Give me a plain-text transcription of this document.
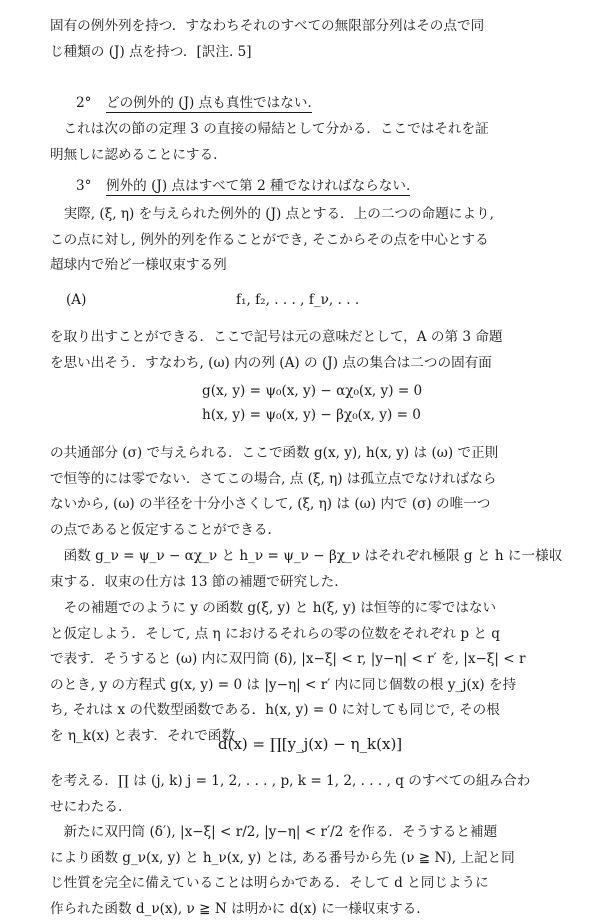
固有の例外列を持つ．すなわちそれのすべての無限部分列はその点で同
じ種類の (J) 点を持つ．[訳注. 5]
2° どの例外的 (J) 点も真性ではない.
　これは次の節の定理 3 の直接の帰結として分かる．ここではそれを証
明無しに認めることにする.
3° 例外的 (J) 点はすべて第 2 種でなければならない.
　実際, (ξ, η) を与えられた例外的 (J) 点とする．上の二つの命題により,
この点に対し, 例外的列を作ることができ, そこからその点を中心とする
超球内で殆ど一様収束する列
(A)	f₁, f₂, . . . , f_ν, . . .
を取り出すことができる．ここで記号は元の意味だとして，A の第 3 命題
を思い出そう．すなわち, (ω) 内の列 (A) の (J) 点の集合は二つの固有面
g(x, y) = ψ₀(x, y) − αχ₀(x, y) = 0
h(x, y) = ψ₀(x, y) − βχ₀(x, y) = 0
の共通部分 (σ) で与えられる．ここで函数 g(x, y), h(x, y) は (ω) で正則
で恒等的には零でない．さてこの場合, 点 (ξ, η) は孤立点でなければなら
ないから, (ω) の半径を十分小さくして, (ξ, η) は (ω) 内で (σ) の唯一つ
の点であると仮定することができる.
　函数 g_ν = ψ_ν − αχ_ν と h_ν = ψ_ν − βχ_ν はそれぞれ極限 g と h に一様収
束する．収束の仕方は 13 節の補題で研究した.
　その補題でのように y の函数 g(ξ, y) と h(ξ, y) は恒等的に零ではない
と仮定しよう．そして, 点 η におけるそれらの零の位数をそれぞれ p と q
で表す．そうすると (ω) 内に双円筒 (δ), |x−ξ| < r, |y−η| < r′ を, |x−ξ| < r
のとき, y の方程式 g(x, y) = 0 は |y−η| < r′ 内に同じ個数の根 y_j(x) を持
ち, それは x の代数型函数である．h(x, y) = 0 に対しても同じで, その根
を η_k(x) と表す．それで函数
d(x) = ∏[y_j(x) − η_k(x)]
を考える．∏ は (j, k) j = 1, 2, . . . , p, k = 1, 2, . . . , q のすべての組み合わ
せにわたる.
　新たに双円筒 (δ′), |x−ξ| < r/2, |y−η| < r′/2 を作る．そうすると補題
により函数 g_ν(x, y) と h_ν(x, y) とは, ある番号から先 (ν ≧ N), 上記と同
じ性質を完全に備えていることは明らかである．そして d と同じように
作られた函数 d_ν(x), ν ≧ N は明かに d(x) に一様収束する.
